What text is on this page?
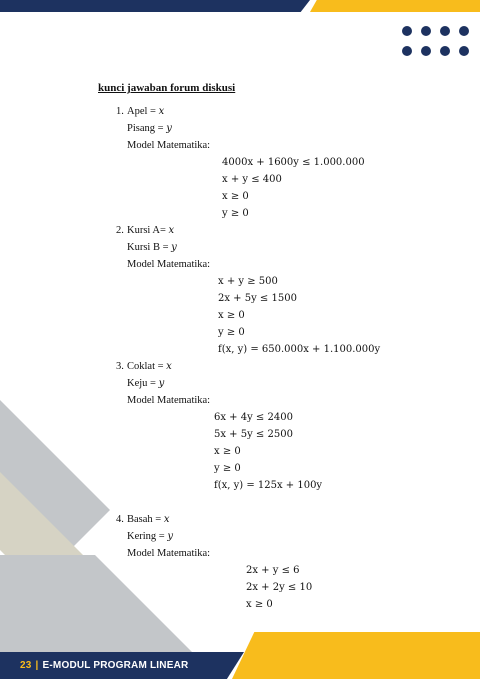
kunci jawaban forum diskusi
1. Apel = x
Pisang = y
Model Matematika:
4000x + 1600y ≤ 1.000.000
x + y ≤ 400
x ≥ 0
y ≥ 0
2. Kursi A= x
Kursi B = y
Model Matematika:
x + y ≥ 500
2x + 5y ≤ 1500
x ≥ 0
y ≥ 0
f(x, y) = 650.000x + 1.100.000y
3. Coklat = x
Keju = y
Model Matematika:
6x + 4y ≤ 2400
5x + 5y ≤ 2500
x ≥ 0
y ≥ 0
f(x, y) = 125x + 100y
4. Basah = x
Kering = y
Model Matematika:
2x + y ≤ 6
2x + 2y ≤ 10
x ≥ 0
23 | E-MODUL PROGRAM LINEAR
